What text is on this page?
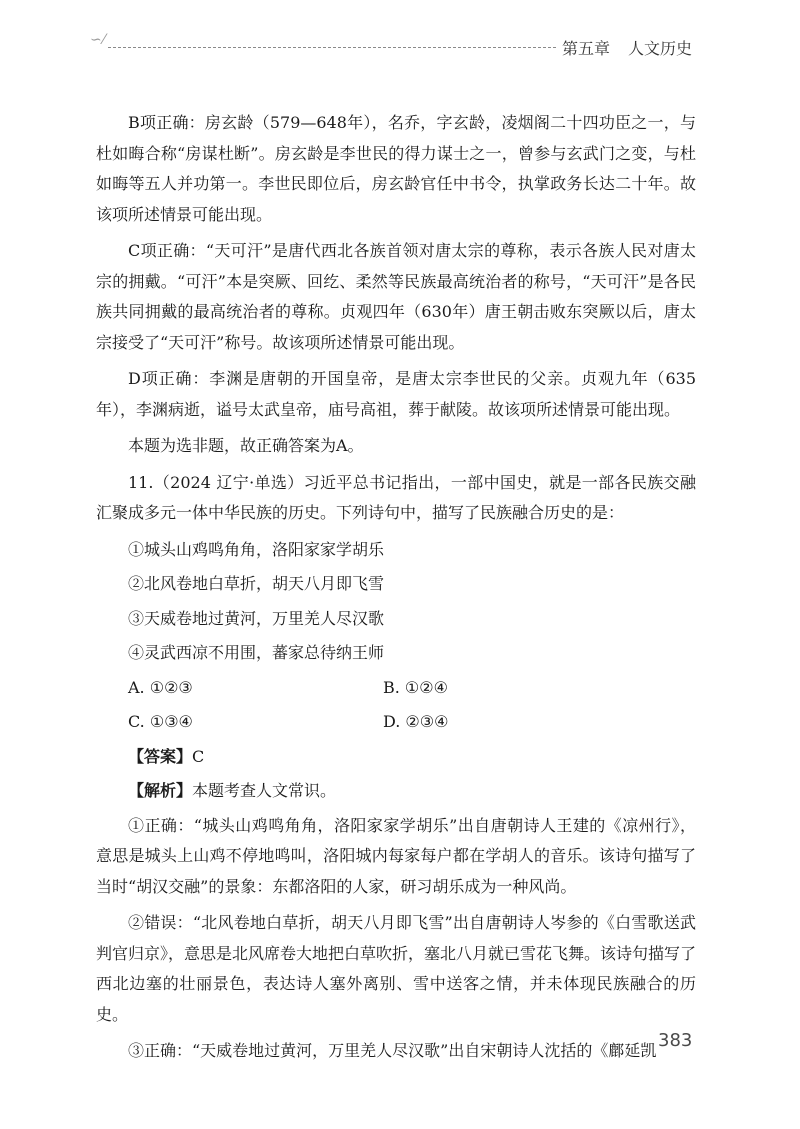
∽⁄	第五章 人文历史

B项正确：房玄龄（579—648年），名乔，字玄龄，凌烟阁二十四功臣之一，与杜如晦合称“房谋杜断”。房玄龄是李世民的得力谋士之一，曾参与玄武门之变，与杜如晦等五人并功第一。李世民即位后，房玄龄官任中书令，执掌政务长达二十年。故该项所述情景可能出现。

C项正确：“天可汗”是唐代西北各族首领对唐太宗的尊称，表示各族人民对唐太宗的拥戴。“可汗”本是突厥、回纥、柔然等民族最高统治者的称号，“天可汗”是各民族共同拥戴的最高统治者的尊称。贞观四年（630年）唐王朝击败东突厥以后，唐太宗接受了“天可汗”称号。故该项所述情景可能出现。

D项正确：李渊是唐朝的开国皇帝，是唐太宗李世民的父亲。贞观九年（635年），李渊病逝，谥号太武皇帝，庙号高祖，葬于献陵。故该项所述情景可能出现。

本题为选非题，故正确答案为A。

11.（2024 辽宁·单选）习近平总书记指出，一部中国史，就是一部各民族交融汇聚成多元一体中华民族的历史。下列诗句中，描写了民族融合历史的是：

①城头山鸡鸣角角，洛阳家家学胡乐
②北风卷地白草折，胡天八月即飞雪
③天威卷地过黄河，万里羌人尽汉歌
④灵武西凉不用围，蕃家总待纳王师
A. ①②③	B. ①②④
C. ①③④	D. ②③④
【答案】C
【解析】本题考查人文常识。

①正确：“城头山鸡鸣角角，洛阳家家学胡乐”出自唐朝诗人王建的《凉州行》，意思是城头上山鸡不停地鸣叫，洛阳城内每家每户都在学胡人的音乐。该诗句描写了当时“胡汉交融”的景象：东都洛阳的人家，研习胡乐成为一种风尚。

②错误：“北风卷地白草折，胡天八月即飞雪”出自唐朝诗人岑参的《白雪歌送武判官归京》，意思是北风席卷大地把白草吹折，塞北八月就已雪花飞舞。该诗句描写了西北边塞的壮丽景色，表达诗人塞外离别、雪中送客之情，并未体现民族融合的历史。

③正确：“天威卷地过黄河，万里羌人尽汉歌”出自宋朝诗人沈括的《鄜延凯 383
